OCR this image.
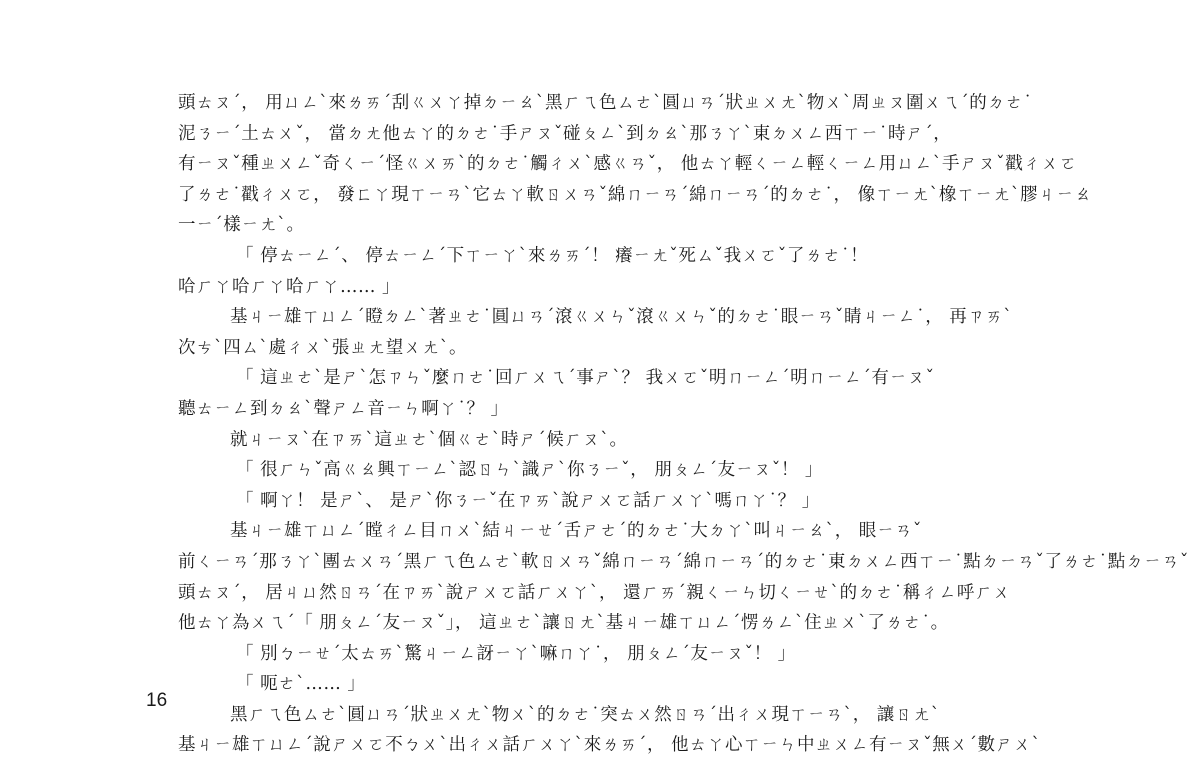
頭ㄊㄡˊ， 用ㄩㄥˋ來ㄌㄞˊ刮ㄍㄨㄚ掉ㄉㄧㄠˋ黑ㄏㄟ色ㄙㄜˋ圓ㄩㄢˊ狀ㄓㄨㄤˋ物ㄨˋ周ㄓㄡ圍ㄨㄟˊ的ㄉㄜ˙
泥ㄋㄧˊ土ㄊㄨˇ， 當ㄉㄤ他ㄊㄚ的ㄉㄜ˙手ㄕㄡˇ碰ㄆㄥˋ到ㄉㄠˋ那ㄋㄚˋ東ㄉㄨㄥ西ㄒㄧ˙時ㄕˊ，
有ㄧㄡˇ種ㄓㄨㄥˇ奇ㄑㄧˊ怪ㄍㄨㄞˋ的ㄉㄜ˙觸ㄔㄨˋ感ㄍㄢˇ， 他ㄊㄚ輕ㄑㄧㄥ輕ㄑㄧㄥ用ㄩㄥˋ手ㄕㄡˇ戳ㄔㄨㄛ
了ㄌㄜ˙戳ㄔㄨㄛ， 發ㄈㄚ現ㄒㄧㄢˋ它ㄊㄚ軟ㄖㄨㄢˇ綿ㄇㄧㄢˊ綿ㄇㄧㄢˊ的ㄉㄜ˙， 像ㄒㄧㄤˋ橡ㄒㄧㄤˋ膠ㄐㄧㄠ
一ㄧˊ樣ㄧㄤˋ。
「 停ㄊㄧㄥˊ、 停ㄊㄧㄥˊ下ㄒㄧㄚˋ來ㄌㄞˊ！ 癢ㄧㄤˇ死ㄙˇ我ㄨㄛˇ了ㄌㄜ˙！
哈ㄏㄚ哈ㄏㄚ哈ㄏㄚ…… 」
基ㄐㄧ雄ㄒㄩㄥˊ瞪ㄉㄥˋ著ㄓㄜ˙圓ㄩㄢˊ滾ㄍㄨㄣˇ滾ㄍㄨㄣˇ的ㄉㄜ˙眼ㄧㄢˇ睛ㄐㄧㄥ˙， 再ㄗㄞˋ
次ㄘˋ四ㄙˋ處ㄔㄨˋ張ㄓㄤ望ㄨㄤˋ。
「 這ㄓㄜˋ是ㄕˋ怎ㄗㄣˇ麼ㄇㄜ˙回ㄏㄨㄟˊ事ㄕˋ？ 我ㄨㄛˇ明ㄇㄧㄥˊ明ㄇㄧㄥˊ有ㄧㄡˇ
聽ㄊㄧㄥ到ㄉㄠˋ聲ㄕㄥ音ㄧㄣ啊ㄚ˙？ 」
就ㄐㄧㄡˋ在ㄗㄞˋ這ㄓㄜˋ個ㄍㄜˋ時ㄕˊ候ㄏㄡˋ。
「 很ㄏㄣˇ高ㄍㄠ興ㄒㄧㄥˋ認ㄖㄣˋ識ㄕˋ你ㄋㄧˇ， 朋ㄆㄥˊ友ㄧㄡˇ！ 」
「 啊ㄚ！ 是ㄕˋ、 是ㄕˋ你ㄋㄧˇ在ㄗㄞˋ說ㄕㄨㄛ話ㄏㄨㄚˋ嗎ㄇㄚ˙？ 」
基ㄐㄧ雄ㄒㄩㄥˊ瞠ㄔㄥ目ㄇㄨˋ結ㄐㄧㄝˊ舌ㄕㄜˊ的ㄉㄜ˙大ㄉㄚˋ叫ㄐㄧㄠˋ， 眼ㄧㄢˇ
前ㄑㄧㄢˊ那ㄋㄚˋ團ㄊㄨㄢˊ黑ㄏㄟ色ㄙㄜˋ軟ㄖㄨㄢˇ綿ㄇㄧㄢˊ綿ㄇㄧㄢˊ的ㄉㄜ˙東ㄉㄨㄥ西ㄒㄧ˙點ㄉㄧㄢˇ了ㄌㄜ˙點ㄉㄧㄢˇ
頭ㄊㄡˊ， 居ㄐㄩ然ㄖㄢˊ在ㄗㄞˋ說ㄕㄨㄛ話ㄏㄨㄚˋ， 還ㄏㄞˊ親ㄑㄧㄣ切ㄑㄧㄝˋ的ㄉㄜ˙稱ㄔㄥ呼ㄏㄨ
他ㄊㄚ為ㄨㄟˊ「 朋ㄆㄥˊ友ㄧㄡˇ」， 這ㄓㄜˋ讓ㄖㄤˋ基ㄐㄧ雄ㄒㄩㄥˊ愣ㄌㄥˋ住ㄓㄨˋ了ㄌㄜ˙。
「 別ㄅㄧㄝˊ太ㄊㄞˋ驚ㄐㄧㄥ訝ㄧㄚˋ嘛ㄇㄚ˙， 朋ㄆㄥˊ友ㄧㄡˇ！ 」
「 呃ㄜˋ…… 」
黑ㄏㄟ色ㄙㄜˋ圓ㄩㄢˊ狀ㄓㄨㄤˋ物ㄨˋ的ㄉㄜ˙突ㄊㄨ然ㄖㄢˊ出ㄔㄨ現ㄒㄧㄢˋ， 讓ㄖㄤˋ
基ㄐㄧ雄ㄒㄩㄥˊ說ㄕㄨㄛ不ㄅㄨˋ出ㄔㄨ話ㄏㄨㄚˋ來ㄌㄞˊ， 他ㄊㄚ心ㄒㄧㄣ中ㄓㄨㄥ有ㄧㄡˇ無ㄨˊ數ㄕㄨˋ
16
